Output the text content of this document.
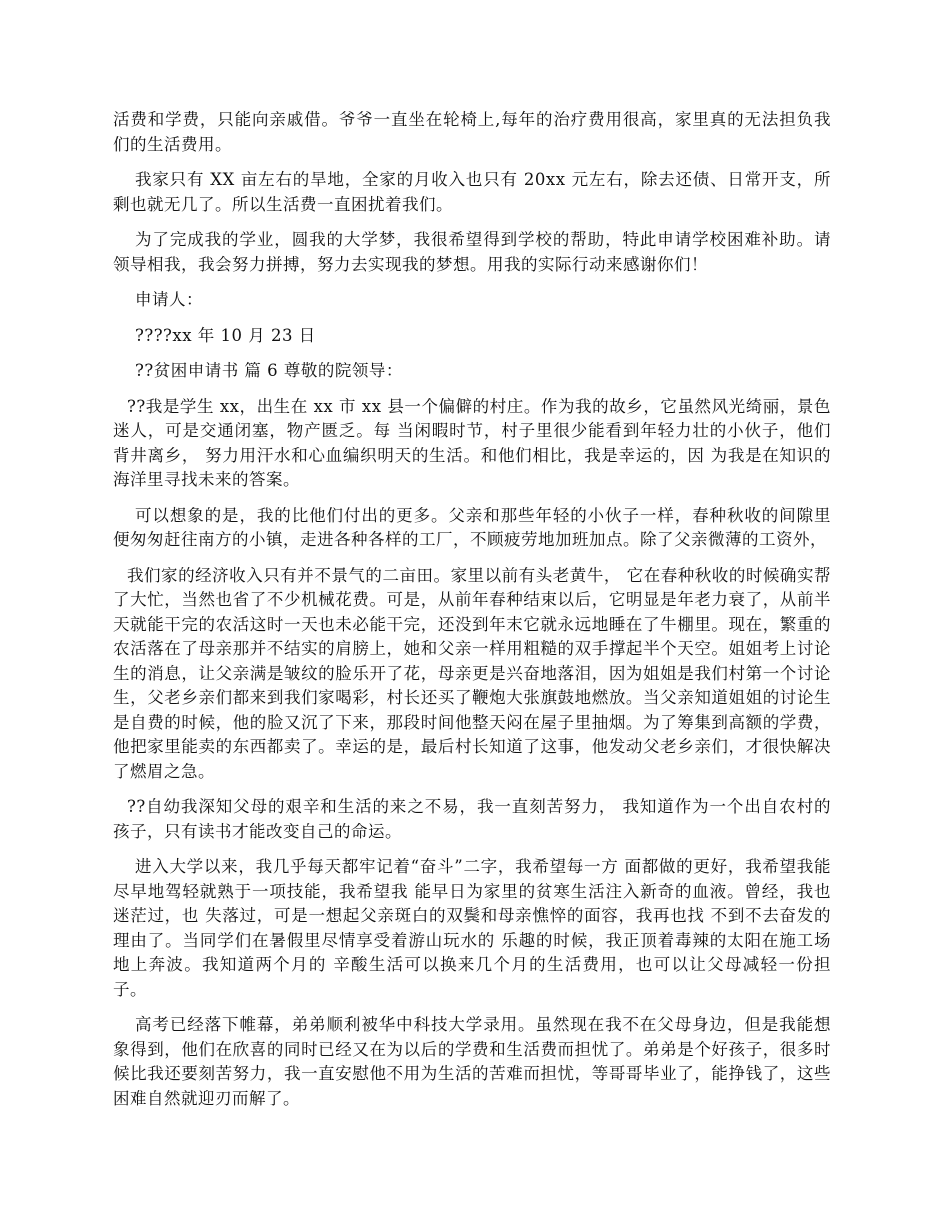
活费和学费，只能向亲戚借。爷爷一直坐在轮椅上,每年的治疗费用很高，家里真的无法担负我们的生活费用。

我家只有 XX 亩左右的旱地，全家的月收入也只有 20xx 元左右，除去还债、日常开支，所剩也就无几了。所以生活费一直困扰着我们。

为了完成我的学业，圆我的大学梦，我很希望得到学校的帮助，特此申请学校困难补助。请领导相我，我会努力拼搏，努力去实现我的梦想。用我的实际行动来感谢你们！

申请人：

????xx 年 10 月 23 日

??贫困申请书 篇 6 尊敬的院领导：

??我是学生 xx，出生在 xx 市 xx 县一个偏僻的村庄。作为我的故乡，它虽然风光绮丽，景色迷人，可是交通闭塞，物产匮乏。每 当闲暇时节，村子里很少能看到年轻力壮的小伙子，他们背井离乡， 努力用汗水和心血编织明天的生活。和他们相比，我是幸运的，因 为我是在知识的海洋里寻找未来的答案。

可以想象的是，我的比他们付出的更多。父亲和那些年轻的小伙子一样，春种秋收的间隙里便匆匆赶往南方的小镇，走进各种各样的工厂，不顾疲劳地加班加点。除了父亲微薄的工资外，

我们家的经济收入只有并不景气的二亩田。家里以前有头老黄牛， 它在春种秋收的时候确实帮了大忙，当然也省了不少机械花费。可是，从前年春种结束以后，它明显是年老力衰了，从前半天就能干完的农活这时一天也未必能干完，还没到年末它就永远地睡在了牛棚里。现在，繁重的农活落在了母亲那并不结实的肩膀上，她和父亲一样用粗糙的双手撑起半个天空。姐姐考上讨论生的消息，让父亲满是皱纹的脸乐开了花，母亲更是兴奋地落泪，因为姐姐是我们村第一个讨论生，父老乡亲们都来到我们家喝彩，村长还买了鞭炮大张旗鼓地燃放。当父亲知道姐姐的讨论生是自费的时候，他的脸又沉了下来，那段时间他整天闷在屋子里抽烟。为了筹集到高额的学费，他把家里能卖的东西都卖了。幸运的是，最后村长知道了这事，他发动父老乡亲们，才很快解决了燃眉之急。

??自幼我深知父母的艰辛和生活的来之不易，我一直刻苦努力， 我知道作为一个出自农村的孩子，只有读书才能改变自己的命运。

进入大学以来，我几乎每天都牢记着“奋斗”二字，我希望每一方 面都做的更好，我希望我能尽早地驾轻就熟于一项技能，我希望我 能早日为家里的贫寒生活注入新奇的血液。曾经，我也迷茫过，也 失落过，可是一想起父亲斑白的双鬓和母亲憔悴的面容，我再也找 不到不去奋发的理由了。当同学们在暑假里尽情享受着游山玩水的 乐趣的时候，我正顶着毒辣的太阳在施工场地上奔波。我知道两个月的 辛酸生活可以换来几个月的生活费用，也可以让父母减轻一份担子。

高考已经落下帷幕，弟弟顺利被华中科技大学录用。虽然现在我不在父母身边，但是我能想象得到，他们在欣喜的同时已经又在为以后的学费和生活费而担忧了。弟弟是个好孩子，很多时候比我还要刻苦努力，我一直安慰他不用为生活的苦难而担忧，等哥哥毕业了，能挣钱了，这些困难自然就迎刃而解了。
